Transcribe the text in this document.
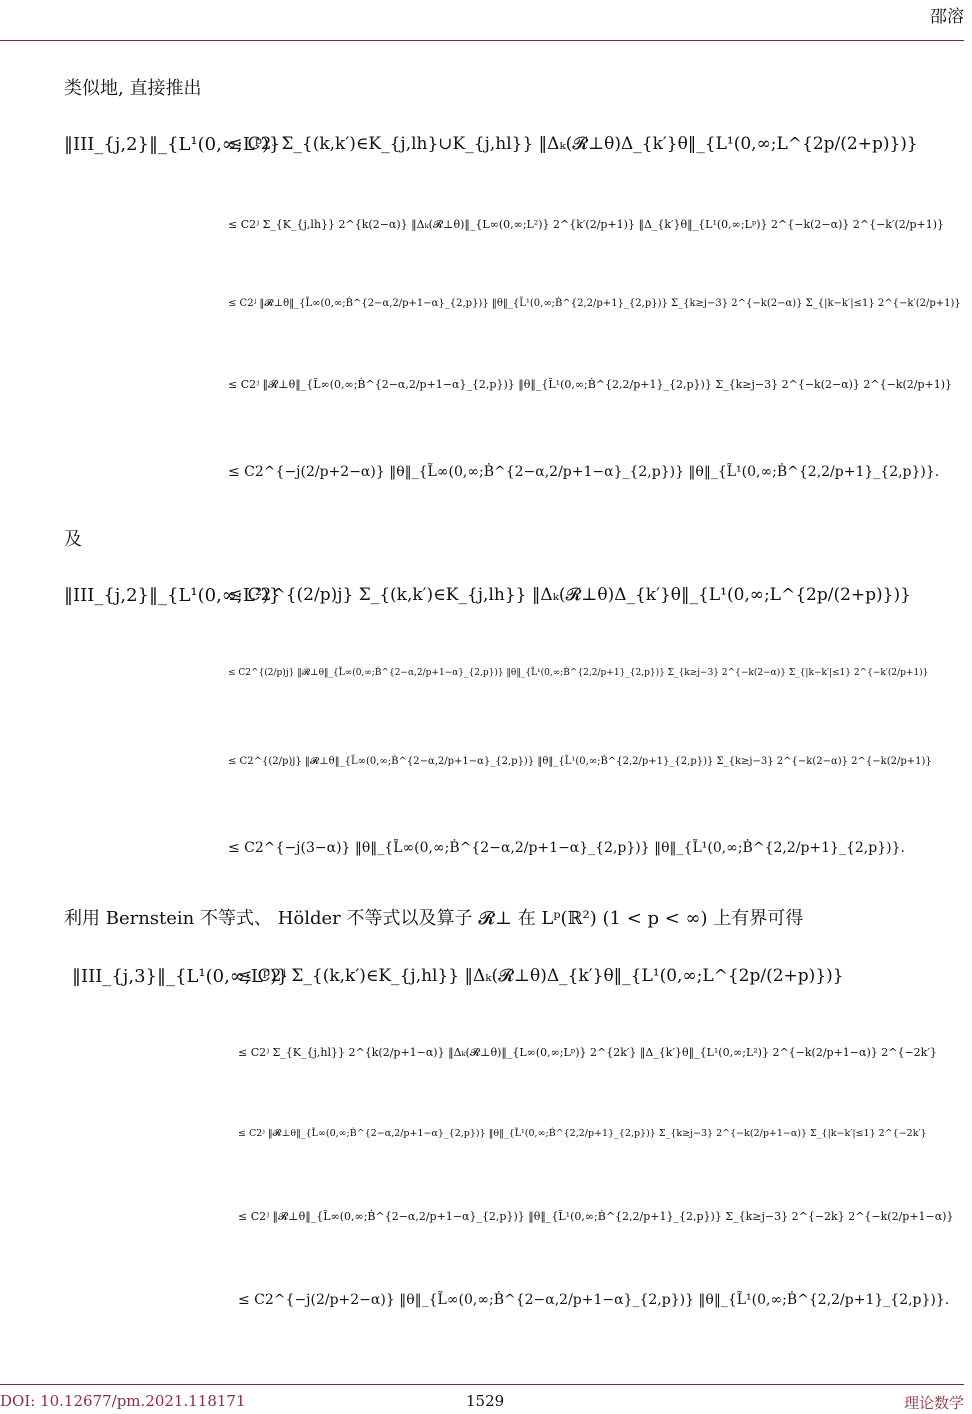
邵溶
类似地, 直接推出
‖III_{j,2}‖_{L¹(0,∞;Lᵖ)}
≤ C2ʲ Σ_{(k,k′)∈K_{j,lh}∪K_{j,hl}} ‖Δₖ(𝓡⊥θ)Δ_{k′}θ‖_{L¹(0,∞;L^{2p/(2+p)})}
≤ C2ʲ Σ_{K_{j,lh}} 2^{k(2−α)} ‖Δₖ(𝓡⊥θ)‖_{L∞(0,∞;L²)} 2^{k′(2/p+1)} ‖Δ_{k′}θ‖_{L¹(0,∞;Lᵖ)} 2^{−k(2−α)} 2^{−k′(2/p+1)}
≤ C2ʲ ‖𝓡⊥θ‖_{L̃∞(0,∞;Ḃ^{2−α,2/p+1−α}_{2,p})} ‖θ‖_{L̃¹(0,∞;Ḃ^{2,2/p+1}_{2,p})} Σ_{k≥j−3} 2^{−k(2−α)} Σ_{|k−k′|≤1} 2^{−k′(2/p+1)}
≤ C2ʲ ‖𝓡⊥θ‖_{L̃∞(0,∞;Ḃ^{2−α,2/p+1−α}_{2,p})} ‖θ‖_{L̃¹(0,∞;Ḃ^{2,2/p+1}_{2,p})} Σ_{k≥j−3} 2^{−k(2−α)} 2^{−k(2/p+1)}
≤ C2^{−j(2/p+2−α)} ‖θ‖_{L̃∞(0,∞;Ḃ^{2−α,2/p+1−α}_{2,p})} ‖θ‖_{L̃¹(0,∞;Ḃ^{2,2/p+1}_{2,p})}.
及
‖III_{j,2}‖_{L¹(0,∞;L²)}
≤ C2^{(2/p)j} Σ_{(k,k′)∈K_{j,lh}} ‖Δₖ(𝓡⊥θ)Δ_{k′}θ‖_{L¹(0,∞;L^{2p/(2+p)})}
≤ C2^{(2/p)j} ‖𝓡⊥θ‖_{L̃∞(0,∞;Ḃ^{2−α,2/p+1−α}_{2,p})} ‖θ‖_{L̃¹(0,∞;Ḃ^{2,2/p+1}_{2,p})} Σ_{k≥j−3} 2^{−k(2−α)} Σ_{|k−k′|≤1} 2^{−k′(2/p+1)}
≤ C2^{(2/p)j} ‖𝓡⊥θ‖_{L̃∞(0,∞;Ḃ^{2−α,2/p+1−α}_{2,p})} ‖θ‖_{L̃¹(0,∞;Ḃ^{2,2/p+1}_{2,p})} Σ_{k≥j−3} 2^{−k(2−α)} 2^{−k(2/p+1)}
≤ C2^{−j(3−α)} ‖θ‖_{L̃∞(0,∞;Ḃ^{2−α,2/p+1−α}_{2,p})} ‖θ‖_{L̃¹(0,∞;Ḃ^{2,2/p+1}_{2,p})}.
利用 Bernstein 不等式、 Hölder 不等式以及算子 𝓡⊥ 在 Lᵖ(ℝ²) (1 < p < ∞) 上有界可得
‖III_{j,3}‖_{L¹(0,∞;Lᵖ)}
≤ C2ʲ Σ_{(k,k′)∈K_{j,hl}} ‖Δₖ(𝓡⊥θ)Δ_{k′}θ‖_{L¹(0,∞;L^{2p/(2+p)})}
≤ C2ʲ Σ_{K_{j,hl}} 2^{k(2/p+1−α)} ‖Δₖ(𝓡⊥θ)‖_{L∞(0,∞;Lᵖ)} 2^{2k′} ‖Δ_{k′}θ‖_{L¹(0,∞;L²)} 2^{−k(2/p+1−α)} 2^{−2k′}
≤ C2ʲ ‖𝓡⊥θ‖_{L̃∞(0,∞;Ḃ^{2−α,2/p+1−α}_{2,p})} ‖θ‖_{L̃¹(0,∞;Ḃ^{2,2/p+1}_{2,p})} Σ_{k≥j−3} 2^{−k(2/p+1−α)} Σ_{|k−k′|≤1} 2^{−2k′}
≤ C2ʲ ‖𝓡⊥θ‖_{L̃∞(0,∞;Ḃ^{2−α,2/p+1−α}_{2,p})} ‖θ‖_{L̃¹(0,∞;Ḃ^{2,2/p+1}_{2,p})} Σ_{k≥j−3} 2^{−2k} 2^{−k(2/p+1−α)}
≤ C2^{−j(2/p+2−α)} ‖θ‖_{L̃∞(0,∞;Ḃ^{2−α,2/p+1−α}_{2,p})} ‖θ‖_{L̃¹(0,∞;Ḃ^{2,2/p+1}_{2,p})}.
DOI: 10.12677/pm.2021.118171	1529	理论数学
